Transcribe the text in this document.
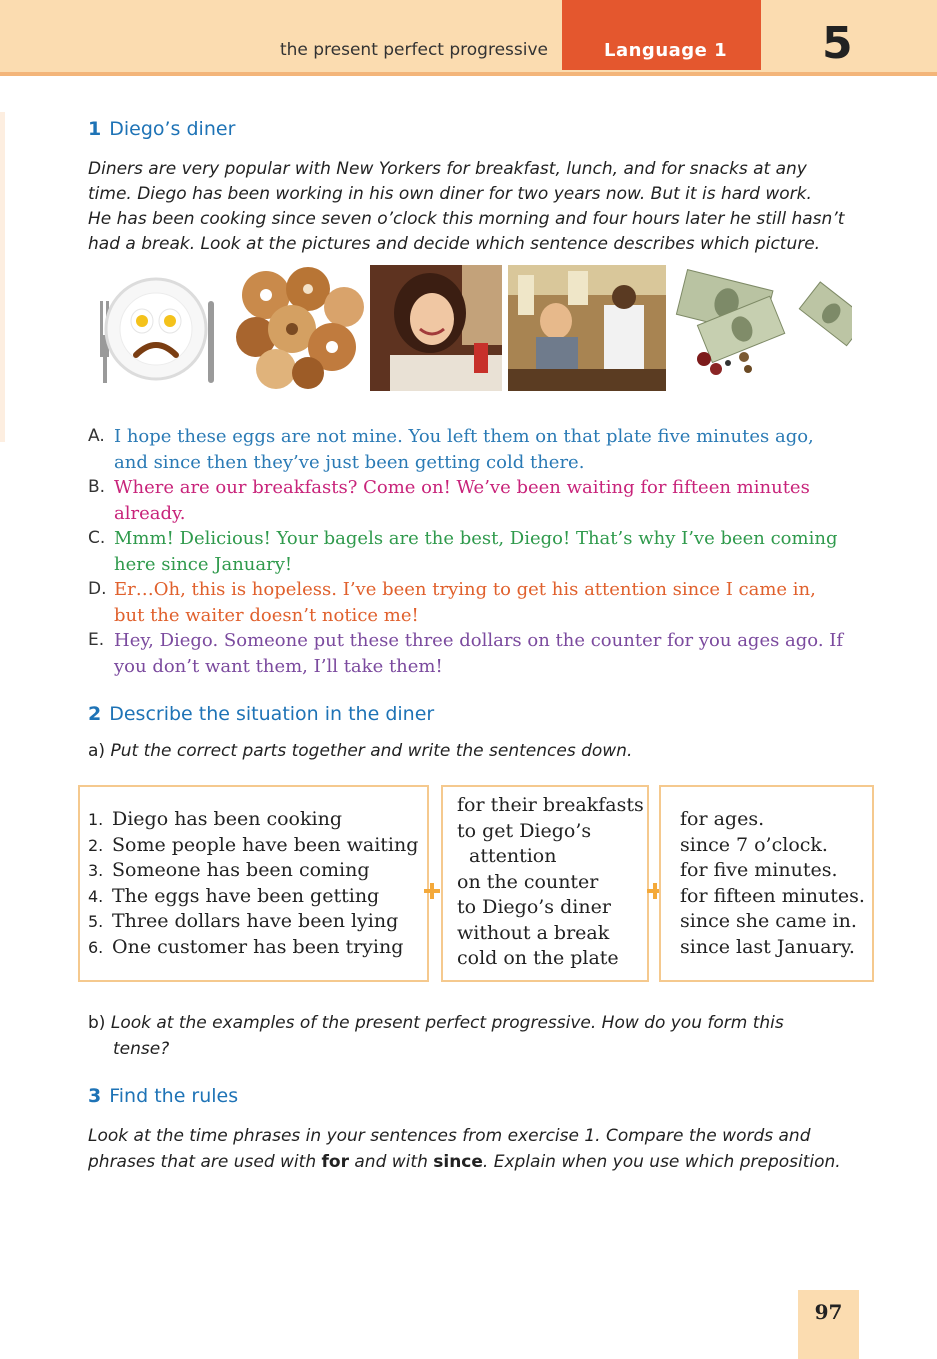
the present perfect progressive	Language 1	5
1 Diego’s diner
Diners are very popular with New Yorkers for breakfast, lunch, and for snacks at any
time. Diego has been working in his own diner for two years now. But it is hard work.
He has been cooking since seven o’clock this morning and four hours later he still hasn’t
had a break. Look at the pictures and decide which sentence describes which picture.
A. I hope these eggs are not mine. You left them on that plate five minutes ago,
and since then they’ve just been getting cold there.
B. Where are our breakfasts? Come on! We’ve been waiting for fifteen minutes
already.
C. Mmm! Delicious! Your bagels are the best, Diego! That’s why I’ve been coming
here since January!
D. Er…Oh, this is hopeless. I’ve been trying to get his attention since I came in,
but the waiter doesn’t notice me!
E. Hey, Diego. Someone put these three dollars on the counter for you ages ago. If
you don’t want them, I’ll take them!
2 Describe the situation in the diner
a) Put the correct parts together and write the sentences down.
1. Diego has been cooking
2. Some people have been waiting
3. Someone has been coming
4. The eggs have been getting
5. Three dollars have been lying
6. One customer has been trying
for their breakfasts
to get Diego’s
attention
on the counter
to Diego’s diner
without a break
cold on the plate
for ages.
since 7 o’clock.
for five minutes.
for fifteen minutes.
since she came in.
since last January.
b) Look at the examples of the present perfect progressive. How do you form this
tense?
3 Find the rules
Look at the time phrases in your sentences from exercise 1. Compare the words and
phrases that are used with for and with since. Explain when you use which preposition.
97
